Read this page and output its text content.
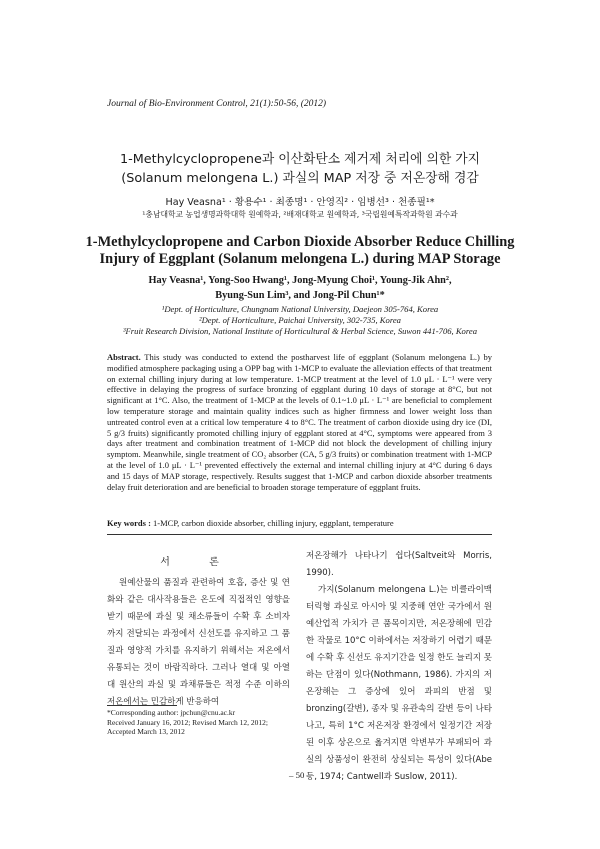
Journal of Bio-Environment Control, 21(1):50-56, (2012)
1-Methylcyclopropene과 이산화탄소 제거제 처리에 의한 가지
(Solanum melongena L.) 과실의 MAP 저장 중 저온장해 경감
Hay Veasna¹ · 황용수¹ · 최종명¹ · 안영직² · 임병선³ · 천종필¹*
¹충남대학교 농업생명과학대학 원예학과, ²배재대학교 원예학과, ³국립원예특작과학원 과수과
1-Methylcyclopropene and Carbon Dioxide Absorber Reduce Chilling
Injury of Eggplant (Solanum melongena L.) during MAP Storage
Hay Veasna¹, Yong-Soo Hwang¹, Jong-Myung Choi¹, Young-Jik Ahn²,
Byung-Sun Lim³, and Jong-Pil Chun¹*
¹Dept. of Horticulture, Chungnam National University, Daejeon 305-764, Korea
²Dept. of Horticulture, Paichai University, 302-735, Korea
³Fruit Research Division, National Institute of Horticultural & Herbal Science, Suwon 441-706, Korea
Abstract. This study was conducted to extend the postharvest life of eggplant (Solanum melongena L.) by modified atmosphere packaging using a OPP bag with 1-MCP to evaluate the alleviation effects of that treatment on external chilling injury during at low temperature. 1-MCP treatment at the level of 1.0 μL · L⁻¹ were very effective in delaying the progress of surface bronzing of eggplant during 10 days of storage at 8°C, but not significant at 1°C. Also, the treatment of 1-MCP at the levels of 0.1~1.0 μL · L⁻¹ are beneficial to complement low temperature storage and maintain quality indices such as higher firmness and lower weight loss than untreated control even at a critical low temperature 4 to 8°C. The treatment of carbon dioxide using dry ice (DI, 5 g/3 fruits) significantly promoted chilling injury of eggplant stored at 4°C, symptoms were appeared from 3 days after treatment and combination treatment of 1-MCP did not block the development of chilling injury symptom. Meanwhile, single treatment of CO₂ absorber (CA, 5 g/3 fruits) or combination treatment with 1-MCP at the level of 1.0 μL · L⁻¹ prevented effectively the external and internal chilling injury at 4°C during 6 days and 15 days of MAP storage, respectively. Results suggest that 1-MCP and carbon dioxide absorber treatments delay fruit deterioration and are beneficial to broaden storage temperature of eggplant fruits.
Key words : 1-MCP, carbon dioxide absorber, chilling injury, eggplant, temperature
서 론

원예산물의 품질과 관련하여 호흡, 증산 및 연화와 같은 대사작용들은 온도에 직접적인 영향을 받기 때문에 과실 및 채소류들이 수확 후 소비자까지 전달되는 과정에서 신선도를 유지하고 그 품질과 영양적 가치를 유지하기 위해서는 저온에서 유통되는 것이 바람직하다. 그러나 열대 및 아열대 원산의 과실 및 과채류들은 적정 수준 이하의 저온에서는 민감하게 반응하여

저온장해가 나타나기 쉽다(Saltveit와 Morris, 1990).

가지(Solanum melongena L.)는 비클라이맥터릭형 과실로 아시아 및 지중해 연안 국가에서 원예산업적 가치가 큰 품목이지만, 저온장해에 민감한 작물로 10°C 이하에서는 저장하기 어렵기 때문에 수확 후 신선도 유지기간을 일정 한도 늘리지 못하는 단점이 있다(Nothmann, 1986). 가지의 저온장해는 그 증상에 있어 과피의 반점 및 bronzing(갈변), 종자 및 유관속의 갈변 등이 나타나고, 특히 1°C 저온저장 환경에서 일정기간 저장된 이후 상온으로 옮겨지면 악변부가 부패되어 과실의 상품성이 완전히 상실되는 특성이 있다(Abe 등, 1974; Cantwell과 Suslow, 2011).

*Corresponding author: jpchun@cnu.ac.kr
Received January 16, 2012; Revised March 12, 2012;
Accepted March 13, 2012
– 50 –
